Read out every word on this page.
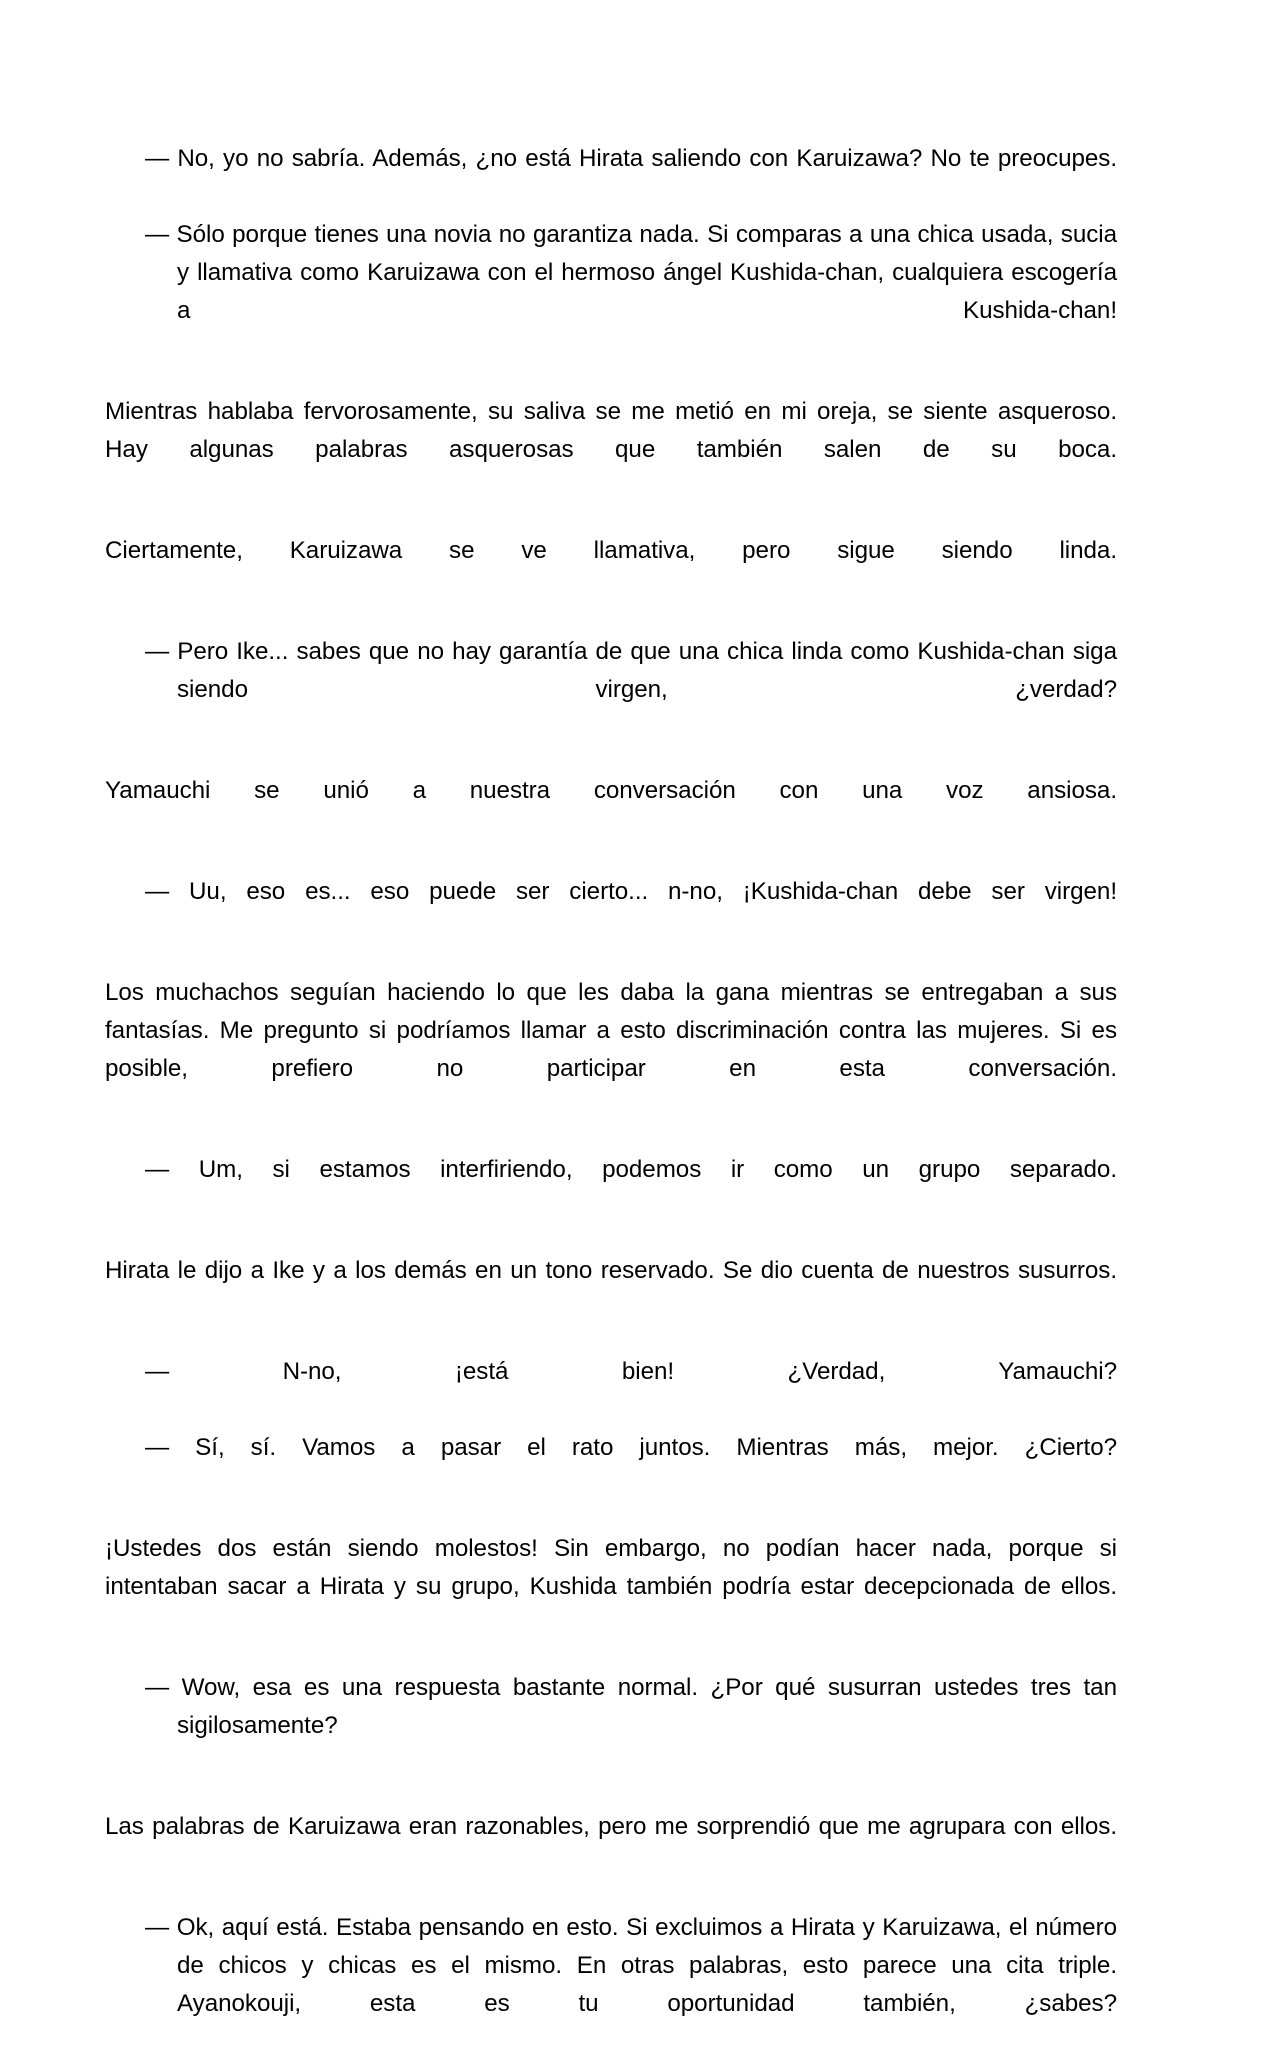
— No, yo no sabría. Además, ¿no está Hirata saliendo con Karuizawa? No te preocupes.

— Sólo porque tienes una novia no garantiza nada. Si comparas a una chica usada, sucia y llamativa como Karuizawa con el hermoso ángel Kushida-chan, cualquiera escogería a Kushida-chan!

Mientras hablaba fervorosamente, su saliva se me metió en mi oreja, se siente asqueroso. Hay algunas palabras asquerosas que también salen de su boca.

Ciertamente, Karuizawa se ve llamativa, pero sigue siendo linda.

— Pero Ike... sabes que no hay garantía de que una chica linda como Kushida-chan siga siendo virgen, ¿verdad?

Yamauchi se unió a nuestra conversación con una voz ansiosa.

— Uu, eso es... eso puede ser cierto... n-no, ¡Kushida-chan debe ser virgen!

Los muchachos seguían haciendo lo que les daba la gana mientras se entregaban a sus fantasías. Me pregunto si podríamos llamar a esto discriminación contra las mujeres. Si es posible, prefiero no participar en esta conversación.

— Um, si estamos interfiriendo, podemos ir como un grupo separado.

Hirata le dijo a Ike y a los demás en un tono reservado. Se dio cuenta de nuestros susurros.

— N-no, ¡está bien! ¿Verdad, Yamauchi?

— Sí, sí. Vamos a pasar el rato juntos. Mientras más, mejor. ¿Cierto?

¡Ustedes dos están siendo molestos! Sin embargo, no podían hacer nada, porque si intentaban sacar a Hirata y su grupo, Kushida también podría estar decepcionada de ellos.

— Wow, esa es una respuesta bastante normal. ¿Por qué susurran ustedes tres tan sigilosamente?

Las palabras de Karuizawa eran razonables, pero me sorprendió que me agrupara con ellos.

— Ok, aquí está. Estaba pensando en esto. Si excluimos a Hirata y Karuizawa, el número de chicos y chicas es el mismo. En otras palabras, esto parece una cita triple. Ayanokouji, esta es tu oportunidad también, ¿sabes?
